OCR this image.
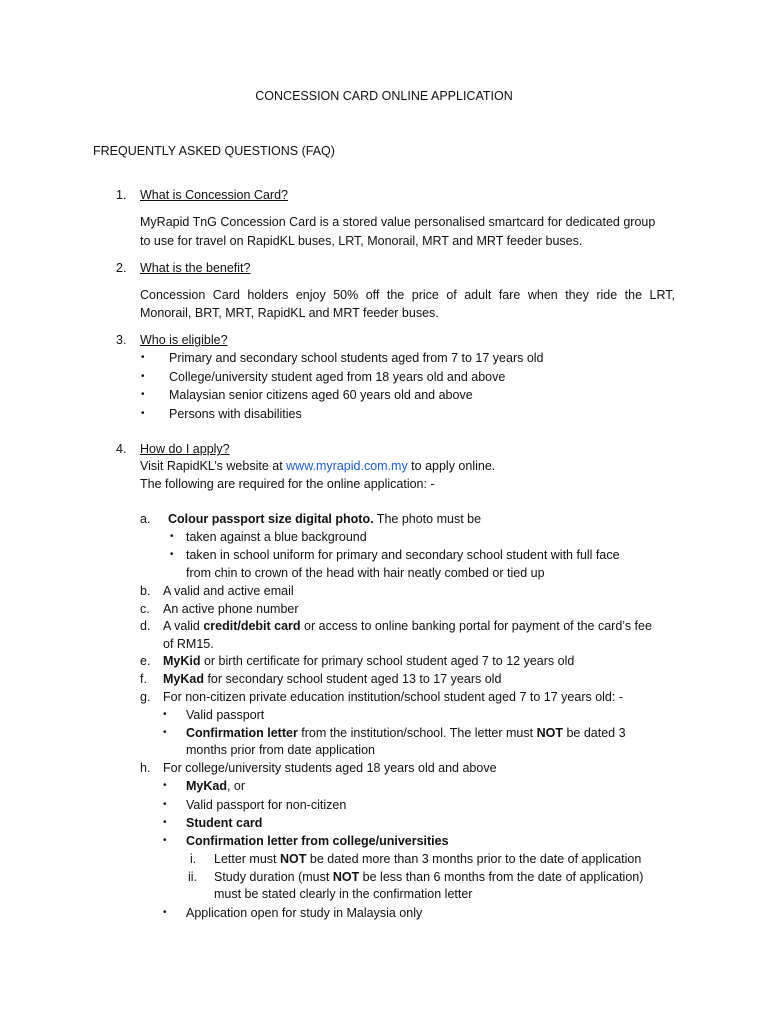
CONCESSION CARD ONLINE APPLICATION
FREQUENTLY ASKED QUESTIONS (FAQ)
1. What is Concession Card?
MyRapid TnG Concession Card is a stored value personalised smartcard for dedicated group
to use for travel on RapidKL buses, LRT, Monorail, MRT and MRT feeder buses.
2. What is the benefit?
Concession Card holders enjoy 50% off the price of adult fare when they ride the LRT,
Monorail, BRT, MRT, RapidKL and MRT feeder buses.
3. Who is eligible?
• Primary and secondary school students aged from 7 to 17 years old
• College/university student aged from 18 years old and above
• Malaysian senior citizens aged 60 years old and above
• Persons with disabilities
4. How do I apply?
Visit RapidKL’s website at www.myrapid.com.my to apply online.
The following are required for the online application: -
a. Colour passport size digital photo. The photo must be
• taken against a blue background
• taken in school uniform for primary and secondary school student with full face
from chin to crown of the head with hair neatly combed or tied up
b. A valid and active email
c. An active phone number
d. A valid credit/debit card or access to online banking portal for payment of the card’s fee
of RM15.
e. MyKid or birth certificate for primary school student aged 7 to 12 years old
f. MyKad for secondary school student aged 13 to 17 years old
g. For non-citizen private education institution/school student aged 7 to 17 years old: -
• Valid passport
• Confirmation letter from the institution/school. The letter must NOT be dated 3
months prior from date application
h. For college/university students aged 18 years old and above
• MyKad, or
• Valid passport for non-citizen
• Student card
• Confirmation letter from college/universities
i. Letter must NOT be dated more than 3 months prior to the date of application
ii. Study duration (must NOT be less than 6 months from the date of application)
must be stated clearly in the confirmation letter
• Application open for study in Malaysia only
